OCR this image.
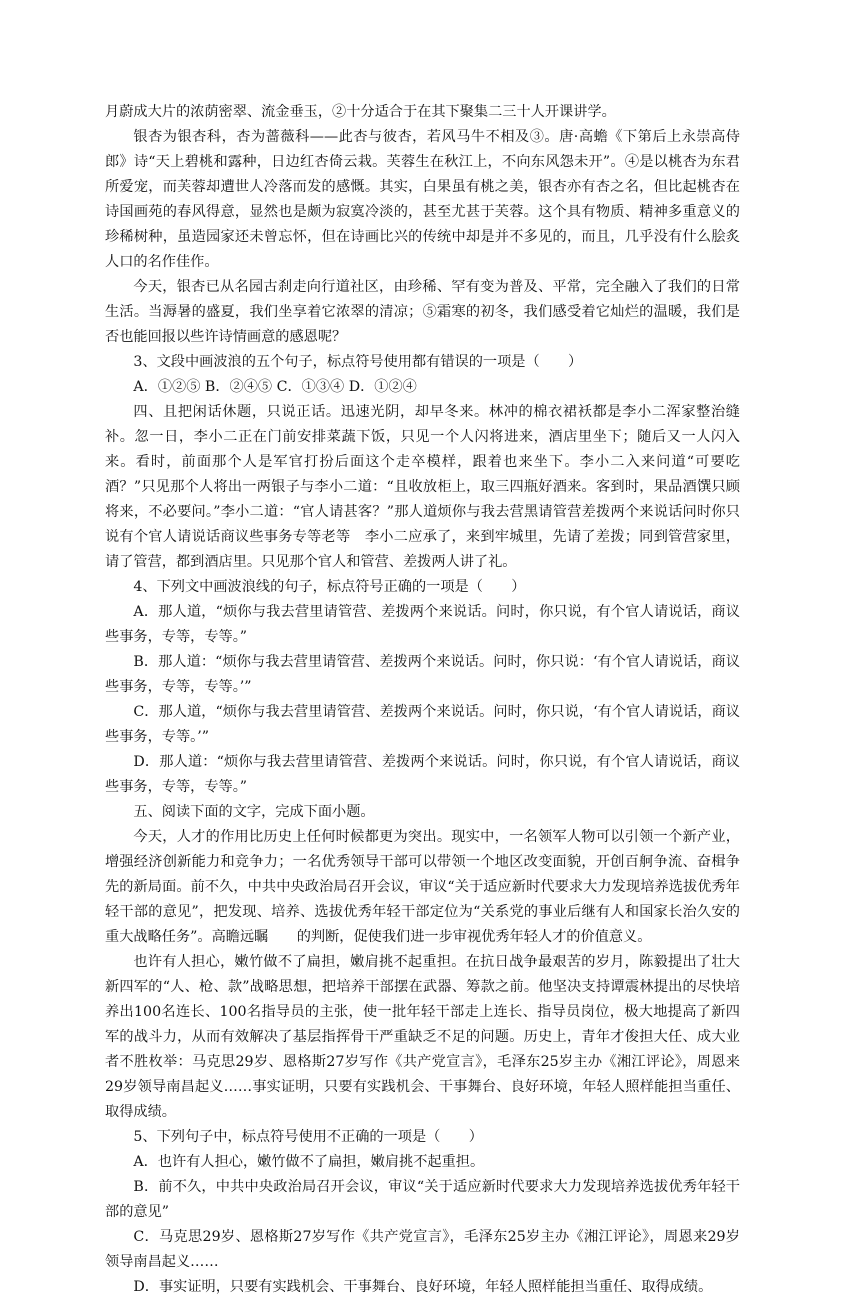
月蔚成大片的浓荫密翠、流金垂玉，②十分适合于在其下聚集二三十人开课讲学。

银杏为银杏科，杏为蔷薇科——此杏与彼杏，若风马牛不相及③。唐·高蟾《下第后上永崇高侍郎》诗“天上碧桃和露种，日边红杏倚云栽。芙蓉生在秋江上，不向东风怨未开”。④是以桃杏为东君所爱宠，而芙蓉却遭世人冷落而发的感慨。其实，白果虽有桃之美，银杏亦有杏之名，但比起桃杏在诗国画苑的春风得意，显然也是颇为寂寞冷淡的，甚至尤甚于芙蓉。这个具有物质、精神多重意义的珍稀树种，虽造园家还未曾忘怀，但在诗画比兴的传统中却是并不多见的，而且，几乎没有什么脍炙人口的名作佳作。

今天，银杏已从名园古刹走向行道社区，由珍稀、罕有变为普及、平常，完全融入了我们的日常生活。当溽暑的盛夏，我们坐享着它浓翠的清凉；⑤霜寒的初冬，我们感受着它灿烂的温暖，我们是否也能回报以些许诗情画意的感恩呢？

3、文段中画波浪的五个句子，标点符号使用都有错误的一项是（　　）

A．①②⑤ B．②④⑤ C．①③④ D．①②④

四、且把闲话休题，只说正话。迅速光阴，却早冬来。林冲的棉衣裙袄都是李小二浑家整治缝补。忽一日，李小二正在门前安排菜蔬下饭，只见一个人闪将进来，酒店里坐下；随后又一人闪入来。看时，前面那个人是军官打扮后面这个走卒模样，跟着也来坐下。李小二入来问道“可要吃酒？”只见那个人将出一两银子与李小二道：“且收放柜上，取三四瓶好酒来。客到时，果品酒馔只顾将来，不必要问。”李小二道：“官人请甚客？”那人道烦你与我去营黑请管营差拨两个来说话问时你只说有个官人请说话商议些事务专等老等　李小二应承了，来到牢城里，先请了差拨；同到管营家里，请了管营，都到酒店里。只见那个官人和管营、差拨两人讲了礼。

4、下列文中画波浪线的句子，标点符号正确的一项是（　　）

A．那人道，“烦你与我去营里请管营、差拨两个来说话。问时，你只说，有个官人请说话，商议些事务，专等，专等。”

B．那人道：“烦你与我去营里请管营、差拨两个来说话。问时，你只说：‘有个官人请说话，商议些事务，专等，专等。’”

C．那人道，“烦你与我去营里请管营、差拨两个来说话。问时，你只说，‘有个官人请说话，商议些事务，专等。’”

D．那人道：“烦你与我去营里请管营、差拨两个来说话。问时，你只说，有个官人请说话，商议些事务，专等，专等。”

五、阅读下面的文字，完成下面小题。

今天，人才的作用比历史上任何时候都更为突出。现实中，一名领军人物可以引领一个新产业，增强经济创新能力和竞争力；一名优秀领导干部可以带领一个地区改变面貌，开创百舸争流、奋楫争先的新局面。前不久，中共中央政治局召开会议，审议“关于适应新时代要求大力发现培养选拔优秀年轻干部的意见”，把发现、培养、选拔优秀年轻干部定位为“关系党的事业后继有人和国家长治久安的重大战略任务”。高瞻远瞩　　的判断，促使我们进一步审视优秀年轻人才的价值意义。

也许有人担心，嫩竹做不了扁担，嫩肩挑不起重担。在抗日战争最艰苦的岁月，陈毅提出了壮大新四军的“人、枪、款”战略思想，把培养干部摆在武器、筹款之前。他坚决支持谭震林提出的尽快培养出100名连长、100名指导员的主张，使一批年轻干部走上连长、指导员岗位，极大地提高了新四军的战斗力，从而有效解决了基层指挥骨干严重缺乏不足的问题。历史上，青年才俊担大任、成大业者不胜枚举：马克思29岁、恩格斯27岁写作《共产党宣言》，毛泽东25岁主办《湘江评论》，周恩来29岁领导南昌起义……事实证明，只要有实践机会、干事舞台、良好环境，年轻人照样能担当重任、取得成绩。

5、下列句子中，标点符号使用不正确的一项是（　　）

A．也许有人担心，嫩竹做不了扁担，嫩肩挑不起重担。

B．前不久，中共中央政治局召开会议，审议“关于适应新时代要求大力发现培养选拔优秀年轻干部的意见”

C．马克思29岁、恩格斯27岁写作《共产党宣言》，毛泽东25岁主办《湘江评论》，周恩来29岁领导南昌起义……

D．事实证明，只要有实践机会、干事舞台、良好环境，年轻人照样能担当重任、取得成绩。
